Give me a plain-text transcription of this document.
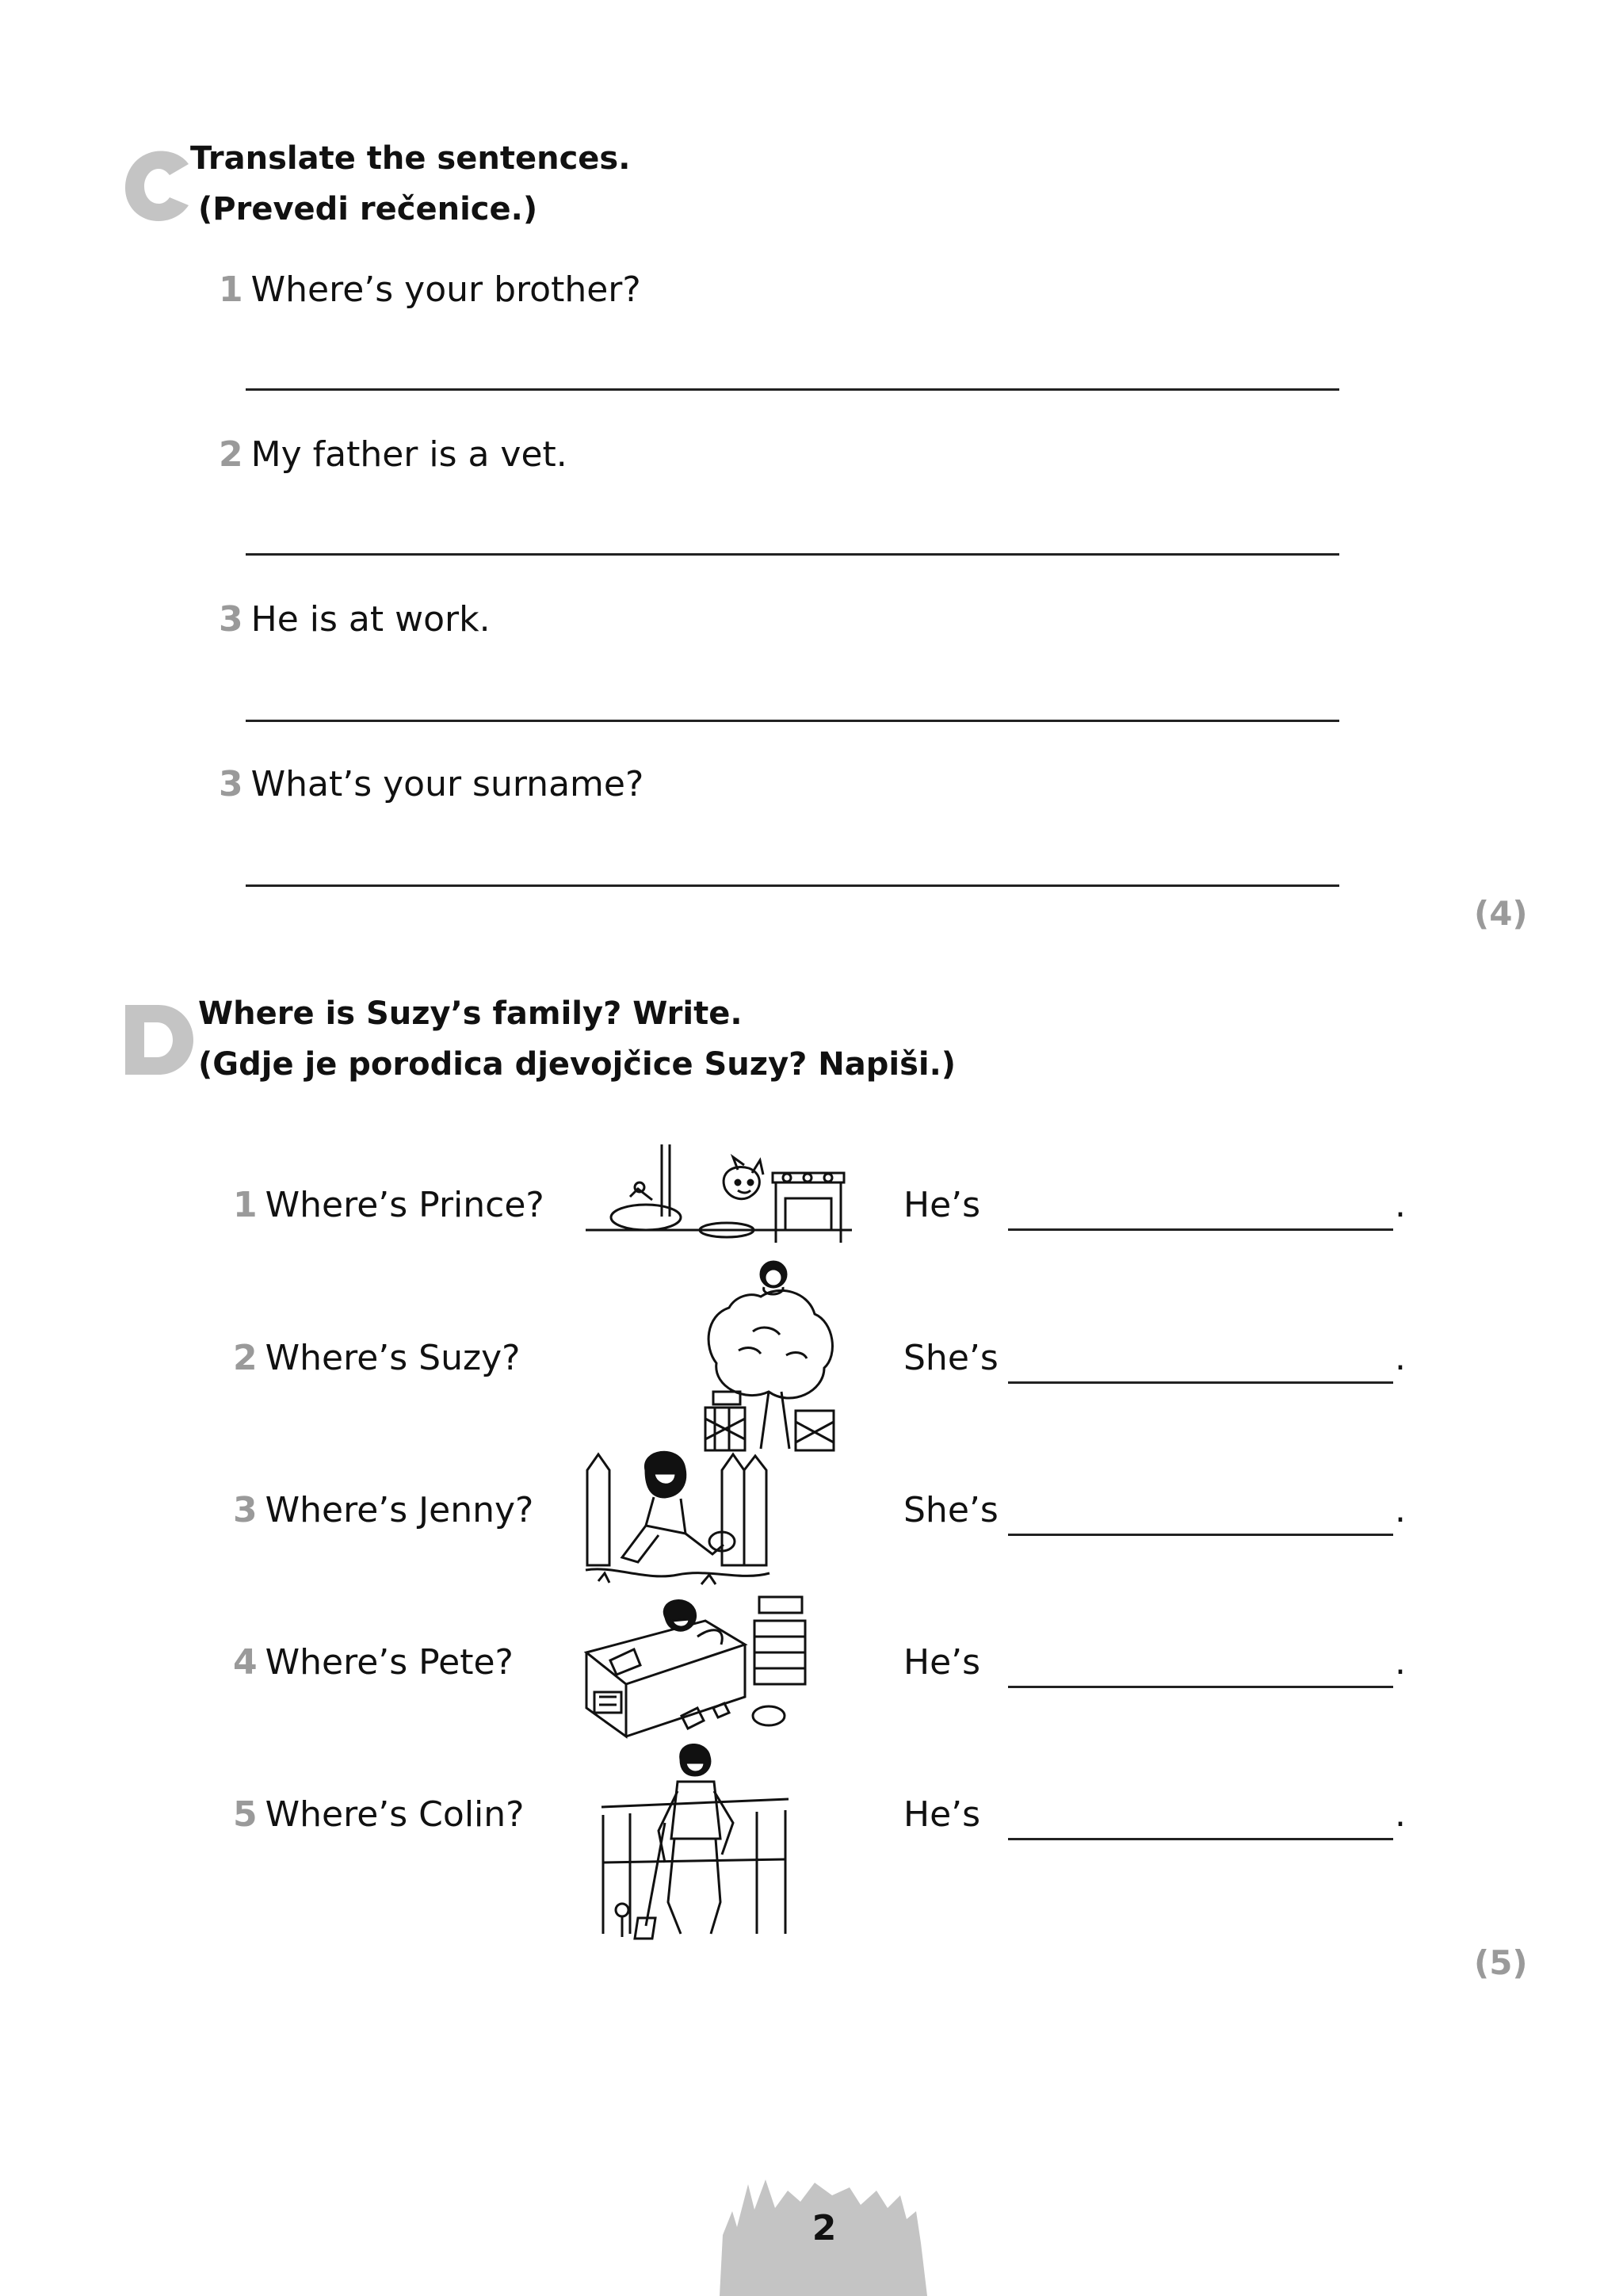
Translate the sentences.
(Prevedi rečenice.)
1 Where’s your brother?
2 My father is a vet.
3 He is at work.
3 What’s your surname?
(4)
Where is Suzy’s family? Write.
(Gdje je porodica djevojčice Suzy? Napiši.)
1 Where’s Prince?	He’s	.
2 Where’s Suzy?	She’s	.
3 Where’s Jenny?	She’s	.
4 Where’s Pete?	He’s	.
5 Where’s Colin?	He’s	.
(5)
2
